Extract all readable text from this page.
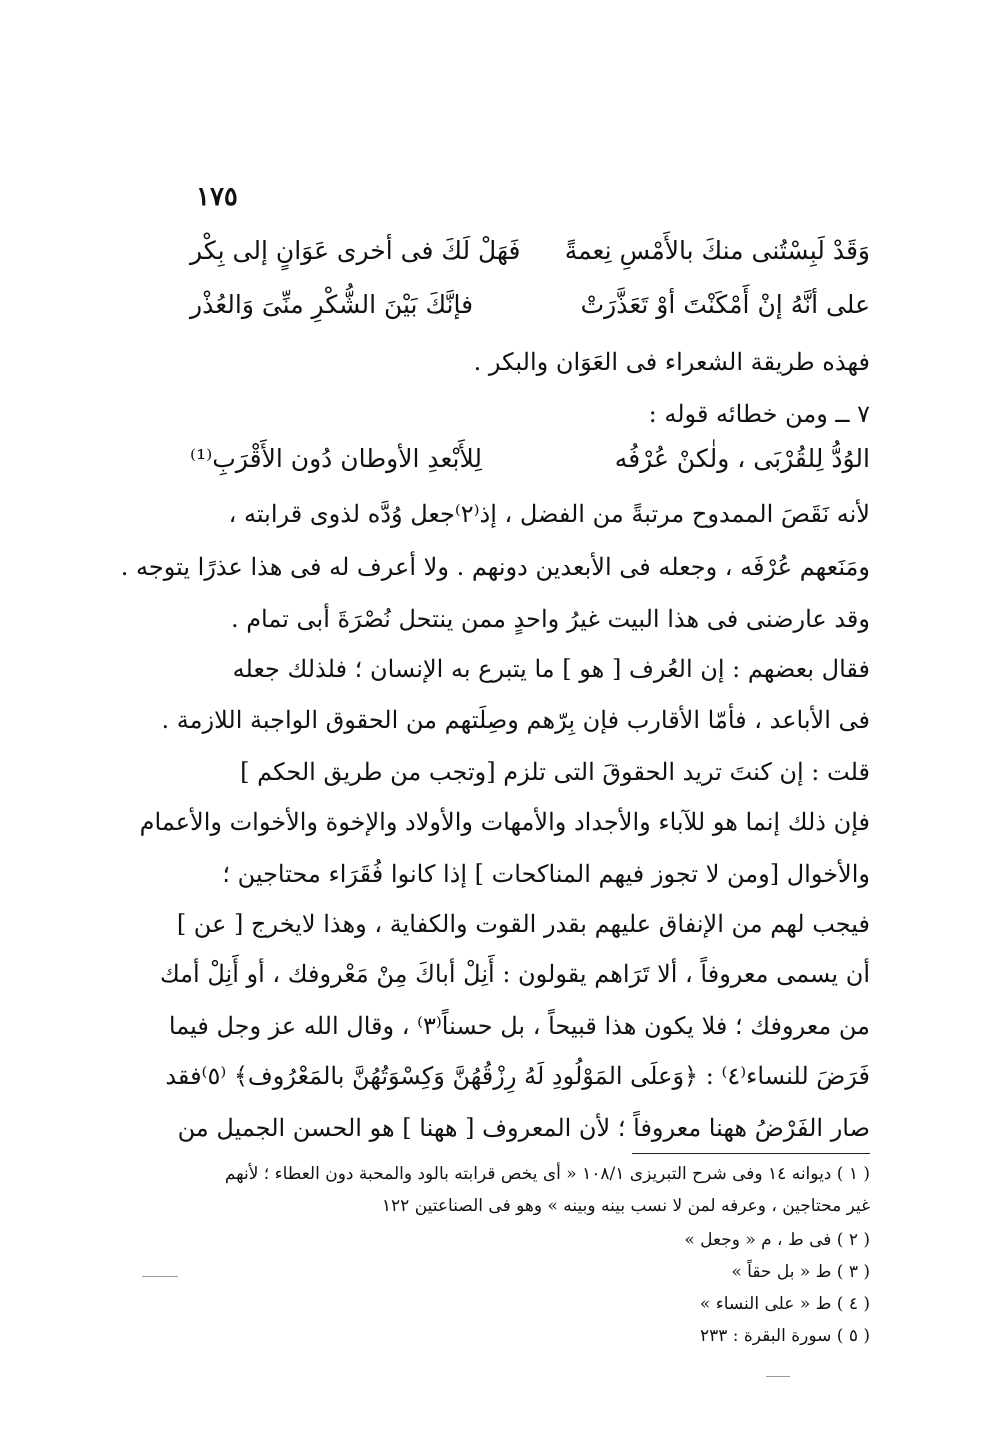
١٧٥
وَقَدْ لَبِسْتُنى منكَ بالأَمْسِ نِعمةً
فَهَلْ لَكَ فى أخرى عَوَانٍ إلى بِكْر
على أنَّهُ إنْ أَمْكَنْتَ أوْ تَعَذَّرَتْ
فإنَّكَ بَيْنَ الشُّكْرِ منِّىَ وَالعُذْر
فهذه طريقة الشعراء فى العَوَان والبكر .
٧ ــ ومن خطائه قوله :
الوُدُّ لِلقُرْبَى ، ولٰكنْ عُرْفُه
لِلأَبْعدِ الأوطان دُون الأَقْرَبِ⁽¹⁾
لأنه نَقَصَ الممدوح مرتبةً من الفضل ، إذ⁽٢⁾جعل وُدَّه لذوى قرابته ،
ومَنَعهم عُرْفَه ، وجعله فى الأبعدين دونهم . ولا أعرف له فى هذا عذرًا يتوجه .
وقد عارضنى فى هذا البيت غيرُ واحدٍ ممن ينتحل نُصْرَةَ أبى تمام .
فقال بعضهم : إن العُرف [ هو ] ما يتبرع به الإنسان ؛ فلذلك جعله
فى الأباعد ، فأمّا الأقارب فإن بِرّهم وصِلَتهم من الحقوق الواجبة اللازمة .
قلت : إن كنتَ تريد الحقوقَ التى تلزم [وتجب من طريق الحكم ]
فإن ذلك إنما هو للآباء والأجداد والأمهات والأولاد والإخوة والأخوات والأعمام
والأخوال [ومن لا تجوز فيهم المناكحات ] إذا كانوا فُقَرَاء محتاجين ؛
فيجب لهم من الإنفاق عليهم بقدر القوت والكفاية ، وهذا لايخرج [ عن ]
أن يسمى معروفاً ، ألا تَرَاهم يقولون : أَنِلْ أباكَ مِنْ مَعْروفك ، أو أَنِلْ أمك
من معروفك ؛ فلا يكون هذا قبيحاً ، بل حسناً⁽٣⁾ ، وقال الله عز وجل فيما
فَرَضَ للنساء⁽٤⁾ : ﴿وَعلَى المَوْلُودِ لَهُ رِزْقُهُنَّ وَكِسْوَتُهُنَّ بالمَعْرُوف﴾ ⁽٥⁾فقد
صار الفَرْضُ ههنا معروفاً ؛ لأن المعروف [ ههنا ] هو الحسن الجميل من
( ١ ) ديوانه ١٤ وفى شرح التبريزى ١٠٨/١ « أى يخص قرابته بالود والمحبة دون العطاء ؛ لأنهم
غير محتاجين ، وعرفه لمن لا نسب بينه وبينه » وهو فى الصناعتين ١٢٢
( ٢ ) فى ط ، م « وجعل »
( ٣ ) ط « بل حقاً »
( ٤ ) ط « على النساء »
( ٥ ) سورة البقرة : ٢٣٣
